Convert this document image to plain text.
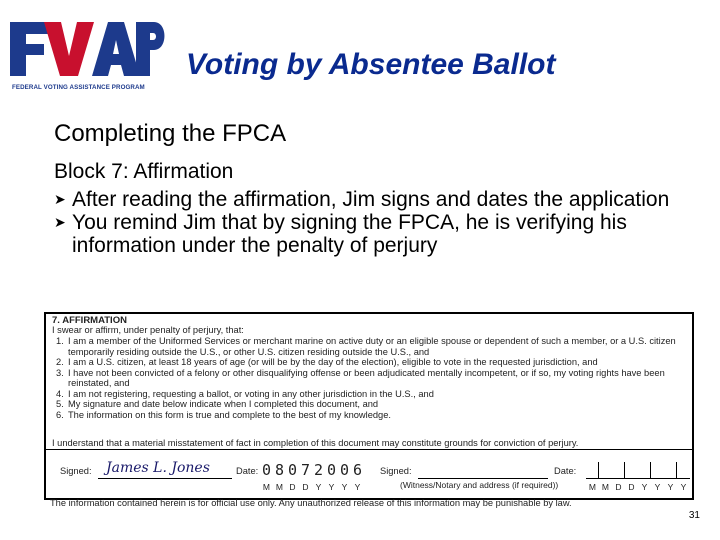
FEDERAL VOTING ASSISTANCE PROGRAM
Voting by Absentee Ballot
Completing the FPCA
Block 7: Affirmation
➤ After reading the affirmation, Jim signs and dates the application
➤ You remind Jim that by signing the FPCA, he is verifying his information under the penalty of perjury
7. AFFIRMATION
I swear or affirm, under penalty of perjury, that:
1. I am a member of the Uniformed Services or merchant marine on active duty or an eligible spouse or dependent of such a member, or a U.S. citizen temporarily residing outside the U.S., or other U.S. citizen residing outside the U.S., and
2. I am a U.S. citizen, at least 18 years of age (or will be by the day of the election), eligible to vote in the requested jurisdiction, and
3. I have not been convicted of a felony or other disqualifying offense or been adjudicated mentally incompetent, or if so, my voting rights have been reinstated, and
4. I am not registering, requesting a ballot, or voting in any other jurisdiction in the U.S., and
5. My signature and date below indicate when I completed this document, and
6. The information on this form is true and complete to the best of my knowledge.
I understand that a material misstatement of fact in completion of this document may constitute grounds for conviction of perjury.
Signed: James L. Jones	Date: 0 8 0 7 2 0 0 6
M M D D Y Y Y Y
Signed:
(Witness/Notary and address (if required))
Date:
M M D D Y Y Y Y
The information contained herein is for official use only. Any unauthorized release of this information may be punishable by law.
31
